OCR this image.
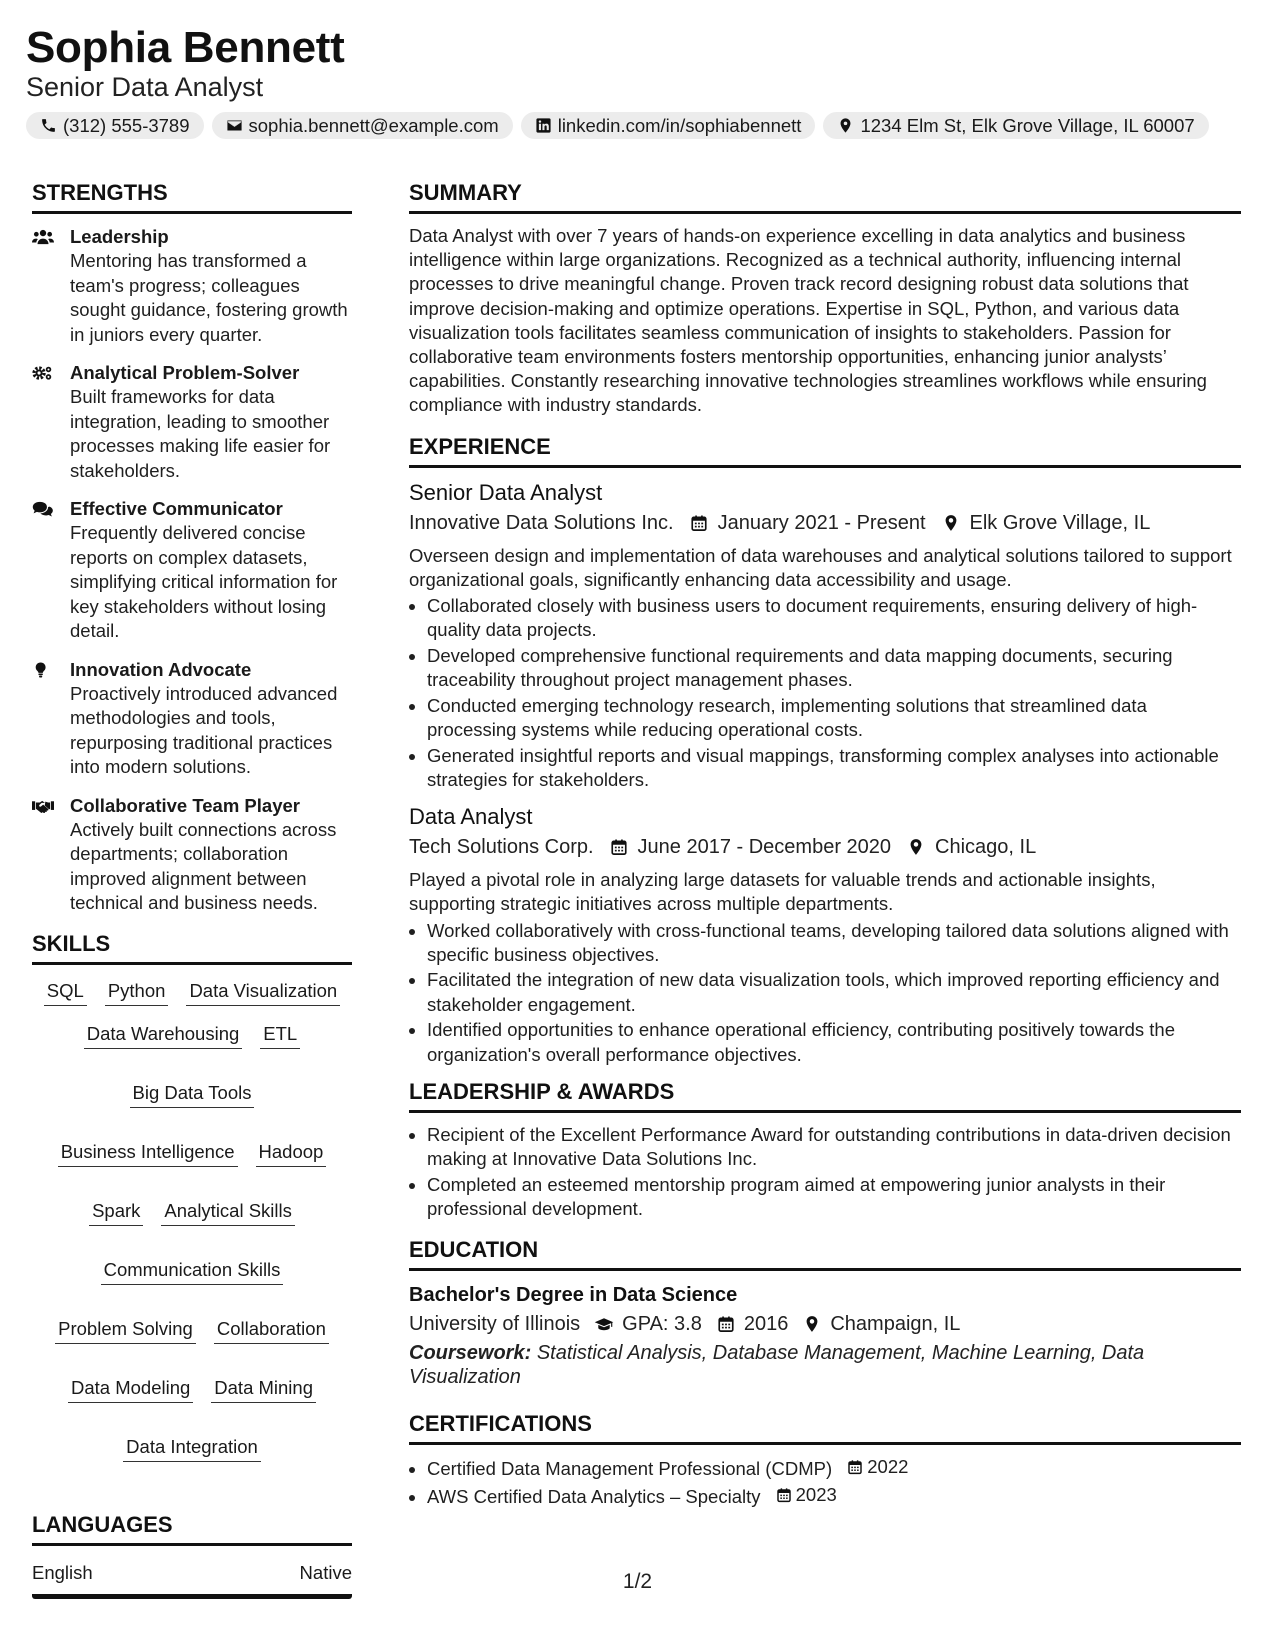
Sophia Bennett
Senior Data Analyst
(312) 555-3789	sophia.bennett@example.com	linkedin.com/in/sophiabennett	1234 Elm St, Elk Grove Village, IL 60007
STRENGTHS
Leadership
Mentoring has transformed a team's progress; colleagues sought guidance, fostering growth in juniors every quarter.
Analytical Problem-Solver
Built frameworks for data integration, leading to smoother processes making life easier for stakeholders.
Effective Communicator
Frequently delivered concise reports on complex datasets, simplifying critical information for key stakeholders without losing detail.
Innovation Advocate
Proactively introduced advanced methodologies and tools, repurposing traditional practices into modern solutions.
Collaborative Team Player
Actively built connections across departments; collaboration improved alignment between technical and business needs.
SKILLS
SQL Python Data Visualization
Data Warehousing ETL
Big Data Tools
Business Intelligence Hadoop
Spark Analytical Skills
Communication Skills
Problem Solving Collaboration
Data Modeling Data Mining
Data Integration
LANGUAGES
English	Native
SUMMARY
Data Analyst with over 7 years of hands-on experience excelling in data analytics and business intelligence within large organizations. Recognized as a technical authority, influencing internal processes to drive meaningful change. Proven track record designing robust data solutions that improve decision-making and optimize operations. Expertise in SQL, Python, and various data visualization tools facilitates seamless communication of insights to stakeholders. Passion for collaborative team environments fosters mentorship opportunities, enhancing junior analysts’ capabilities. Constantly researching innovative technologies streamlines workflows while ensuring compliance with industry standards.
EXPERIENCE
Senior Data Analyst
Innovative Data Solutions Inc. January 2021 - Present Elk Grove Village, IL
Overseen design and implementation of data warehouses and analytical solutions tailored to support organizational goals, significantly enhancing data accessibility and usage.
• Collaborated closely with business users to document requirements, ensuring delivery of high-quality data projects.
• Developed comprehensive functional requirements and data mapping documents, securing traceability throughout project management phases.
• Conducted emerging technology research, implementing solutions that streamlined data processing systems while reducing operational costs.
• Generated insightful reports and visual mappings, transforming complex analyses into actionable strategies for stakeholders.
Data Analyst
Tech Solutions Corp. June 2017 - December 2020 Chicago, IL
Played a pivotal role in analyzing large datasets for valuable trends and actionable insights, supporting strategic initiatives across multiple departments.
• Worked collaboratively with cross-functional teams, developing tailored data solutions aligned with specific business objectives.
• Facilitated the integration of new data visualization tools, which improved reporting efficiency and stakeholder engagement.
• Identified opportunities to enhance operational efficiency, contributing positively towards the organization's overall performance objectives.
LEADERSHIP & AWARDS
• Recipient of the Excellent Performance Award for outstanding contributions in data-driven decision making at Innovative Data Solutions Inc.
• Completed an esteemed mentorship program aimed at empowering junior analysts in their professional development.
EDUCATION
Bachelor's Degree in Data Science
University of Illinois GPA: 3.8 2016 Champaign, IL
Coursework: Statistical Analysis, Database Management, Machine Learning, Data Visualization
CERTIFICATIONS
• Certified Data Management Professional (CDMP) 2022
• AWS Certified Data Analytics – Specialty 2023
1/2
